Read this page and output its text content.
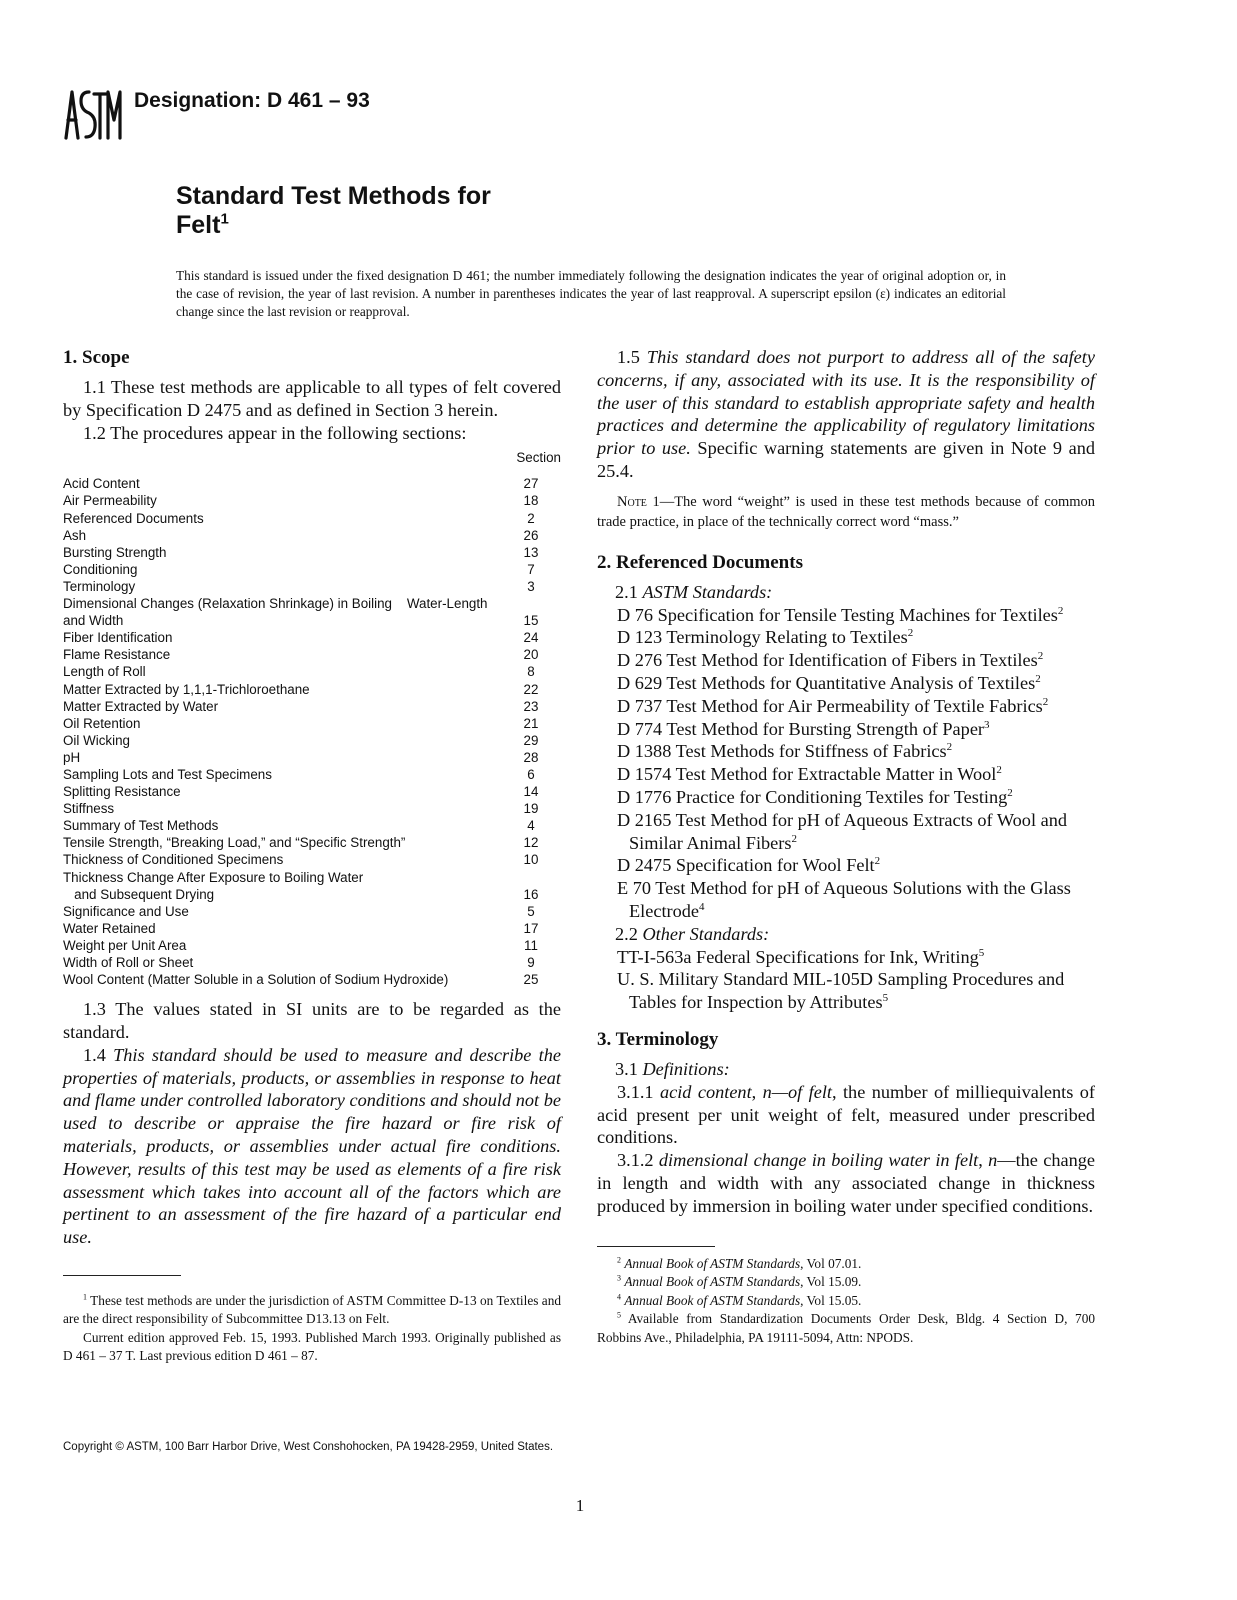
Designation: D 461 – 93
Standard Test Methods for
Felt$^1$
This standard is issued under the fixed designation D 461; the number immediately following the designation indicates the year of original adoption or, in the case of revision, the year of last revision. A number in parentheses indicates the year of last reapproval. A superscript epsilon (ε) indicates an editorial change since the last revision or reapproval.
1. Scope

1.1 These test methods are applicable to all types of felt covered by Specification D 2475 and as defined in Section 3 herein.

1.2 The procedures appear in the following sections:

Section
Acid Content	27
Air Permeability	18
Referenced Documents	2
Ash	26
Bursting Strength	13
Conditioning	7
Terminology	3
Dimensional Changes (Relaxation Shrinkage) in Boiling    Water-Length
and Width	15
Fiber Identification	24
Flame Resistance	20
Length of Roll	8
Matter Extracted by 1,1,1-Trichloroethane	22
Matter Extracted by Water	23
Oil Retention	21
Oil Wicking	29
pH	28
Sampling Lots and Test Specimens	6
Splitting Resistance	14
Stiffness	19
Summary of Test Methods	4
Tensile Strength, “Breaking Load,” and “Specific Strength”	12
Thickness of Conditioned Specimens	10
Thickness Change After Exposure to Boiling Water
and Subsequent Drying	16
Significance and Use	5
Water Retained	17
Weight per Unit Area	11
Width of Roll or Sheet	9
Wool Content (Matter Soluble in a Solution of Sodium Hydroxide)	25

1.3 The values stated in SI units are to be regarded as the standard.

1.4 This standard should be used to measure and describe the properties of materials, products, or assemblies in response to heat and flame under controlled laboratory conditions and should not be used to describe or appraise the fire hazard or fire risk of materials, products, or assemblies under actual fire conditions. However, results of this test may be used as elements of a fire risk assessment which takes into account all of the factors which are pertinent to an assessment of the fire hazard of a particular end use.

$^1$ These test methods are under the jurisdiction of ASTM Committee D-13 on Textiles and are the direct responsibility of Subcommittee D13.13 on Felt.

Current edition approved Feb. 15, 1993. Published March 1993. Originally published as D 461 – 37 T. Last previous edition D 461 – 87.

1.5 This standard does not purport to address all of the safety concerns, if any, associated with its use. It is the responsibility of the user of this standard to establish appropriate safety and health practices and determine the applicability of regulatory limitations prior to use. Specific warning statements are given in Note 9 and 25.4.

Note 1—The word “weight” is used in these test methods because of common trade practice, in place of the technically correct word “mass.”

2. Referenced Documents

2.1 ASTM Standards:

D 76 Specification for Tensile Testing Machines for Textiles$^2$

D 123 Terminology Relating to Textiles$^2$

D 276 Test Method for Identification of Fibers in Textiles$^2$

D 629 Test Methods for Quantitative Analysis of Textiles$^2$

D 737 Test Method for Air Permeability of Textile Fabrics$^2$

D 774 Test Method for Bursting Strength of Paper$^3$

D 1388 Test Methods for Stiffness of Fabrics$^2$

D 1574 Test Method for Extractable Matter in Wool$^2$

D 1776 Practice for Conditioning Textiles for Testing$^2$

D 2165 Test Method for pH of Aqueous Extracts of Wool and Similar Animal Fibers$^2$

D 2475 Specification for Wool Felt$^2$

E 70 Test Method for pH of Aqueous Solutions with the Glass Electrode$^4$

2.2 Other Standards:

TT-I-563a Federal Specifications for Ink, Writing$^5$

U. S. Military Standard MIL-105D Sampling Procedures and Tables for Inspection by Attributes$^5$

3. Terminology

3.1 Definitions:

3.1.1 acid content, n—of felt, the number of milliequivalents of acid present per unit weight of felt, measured under prescribed conditions.

3.1.2 dimensional change in boiling water in felt, n—the change in length and width with any associated change in thickness produced by immersion in boiling water under specified conditions.

$^2$ Annual Book of ASTM Standards, Vol 07.01.

$^3$ Annual Book of ASTM Standards, Vol 15.09.

$^4$ Annual Book of ASTM Standards, Vol 15.05.

$^5$ Available from Standardization Documents Order Desk, Bldg. 4 Section D, 700 Robbins Ave., Philadelphia, PA 19111-5094, Attn: NPODS.

Copyright © ASTM, 100 Barr Harbor Drive, West Conshohocken, PA 19428-2959, United States.
1
